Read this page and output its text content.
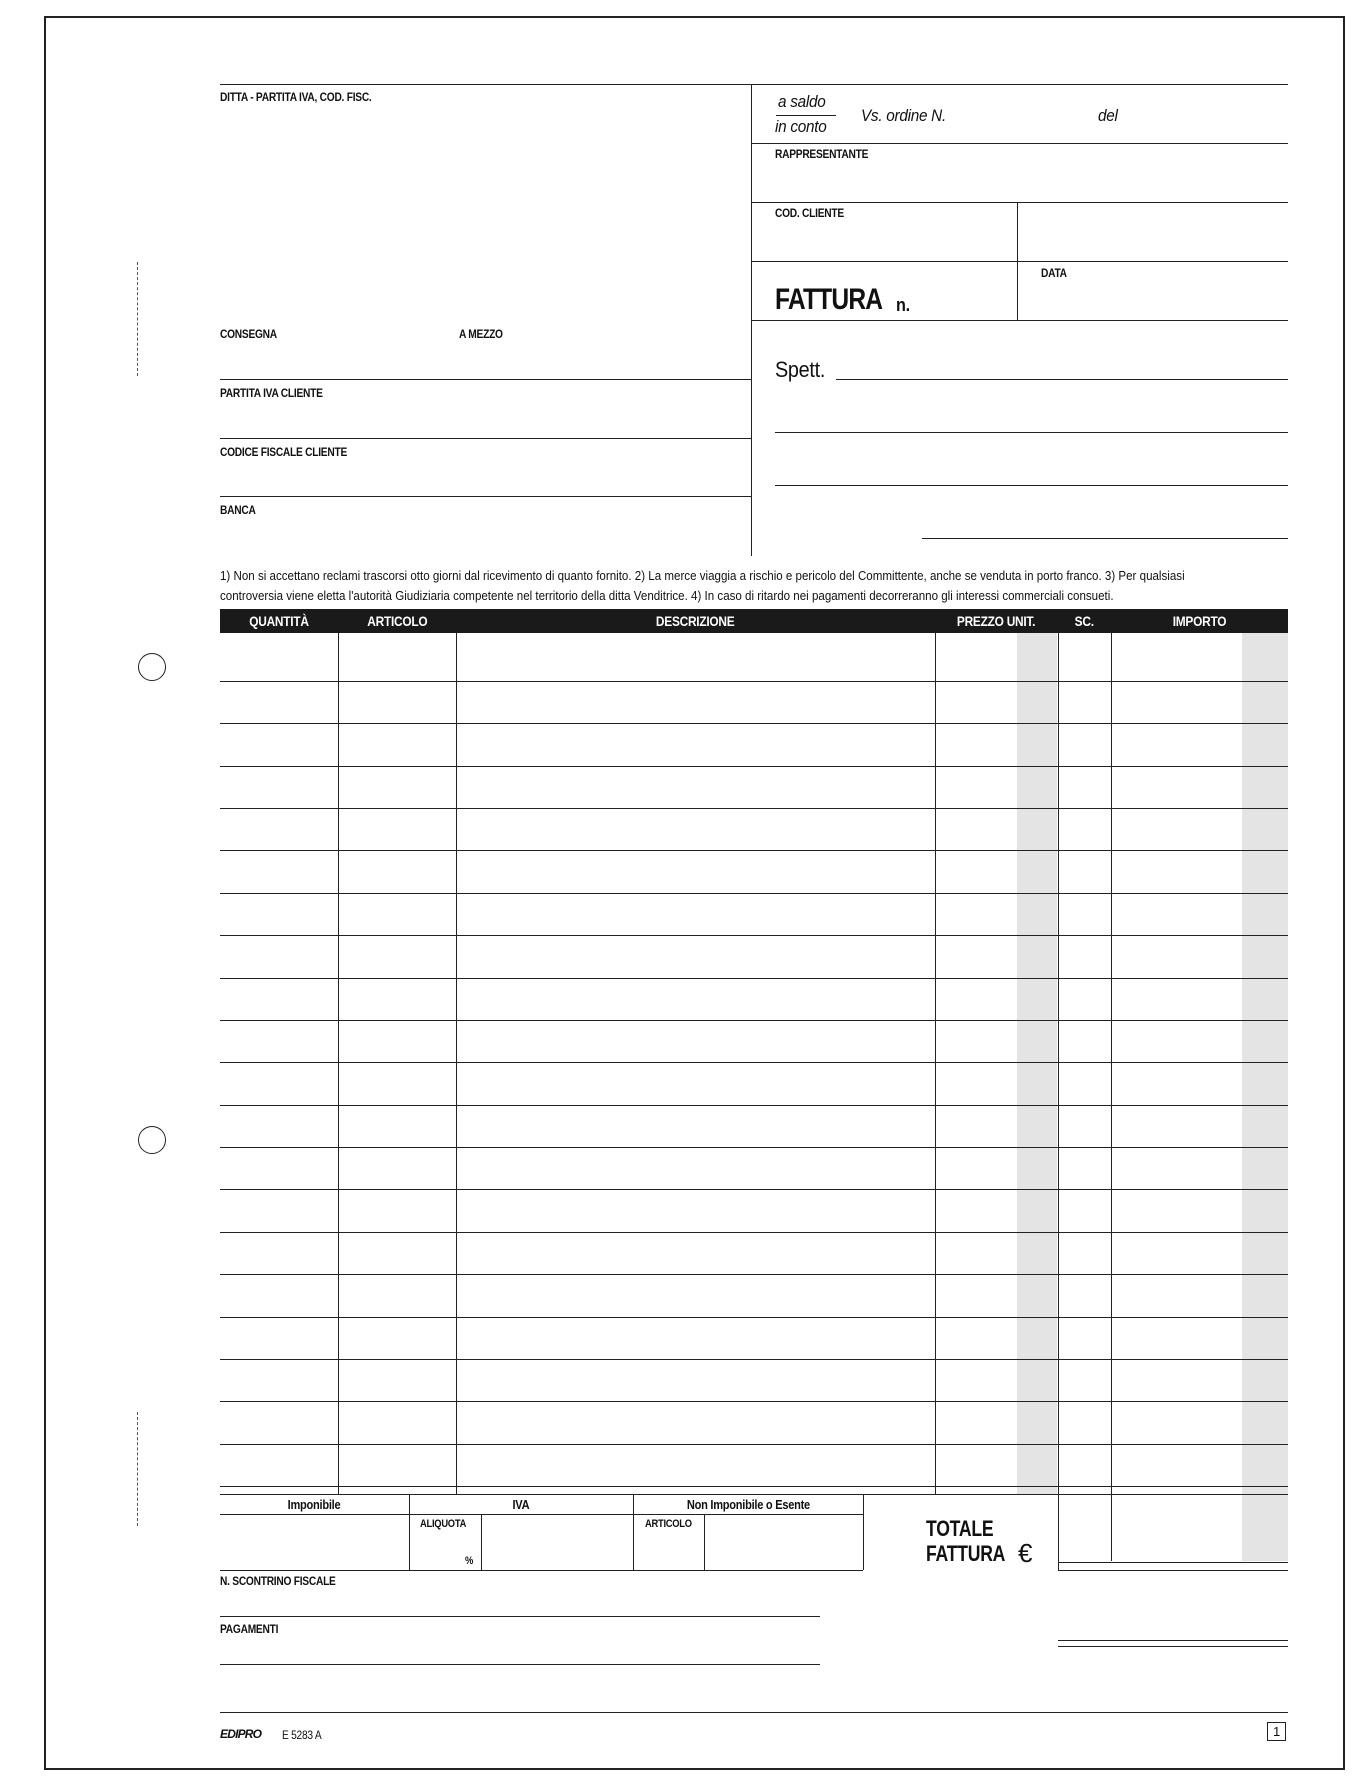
DITTA - PARTITA IVA, COD. FISC.	a saldo
in conto
Vs. ordine N.	del
RAPPRESENTANTE
COD. CLIENTE
DATA
FATTURA n.
CONSEGNA	A MEZZO
PARTITA IVA CLIENTE
CODICE FISCALE CLIENTE
BANCA
Spett.
1) Non si accettano reclami trascorsi otto giorni dal ricevimento di quanto fornito. 2) La merce viaggia a rischio e pericolo del Committente, anche se venduta in porto franco. 3) Per qualsiasi
controversia viene eletta l'autorità Giudiziaria competente nel territorio della ditta Venditrice. 4) In caso di ritardo nei pagamenti decorreranno gli interessi commerciali consueti.
QUANTITÀ	ARTICOLO	DESCRIZIONE	PREZZO UNIT.	SC.	IMPORTO
Imponibile	IVA	Non Imponibile o Esente
ALIQUOTA
%
ARTICOLO	TOTALE
FATTURA €
N. SCONTRINO FISCALE
PAGAMENTI
EDIPRO E 5283 A	1
